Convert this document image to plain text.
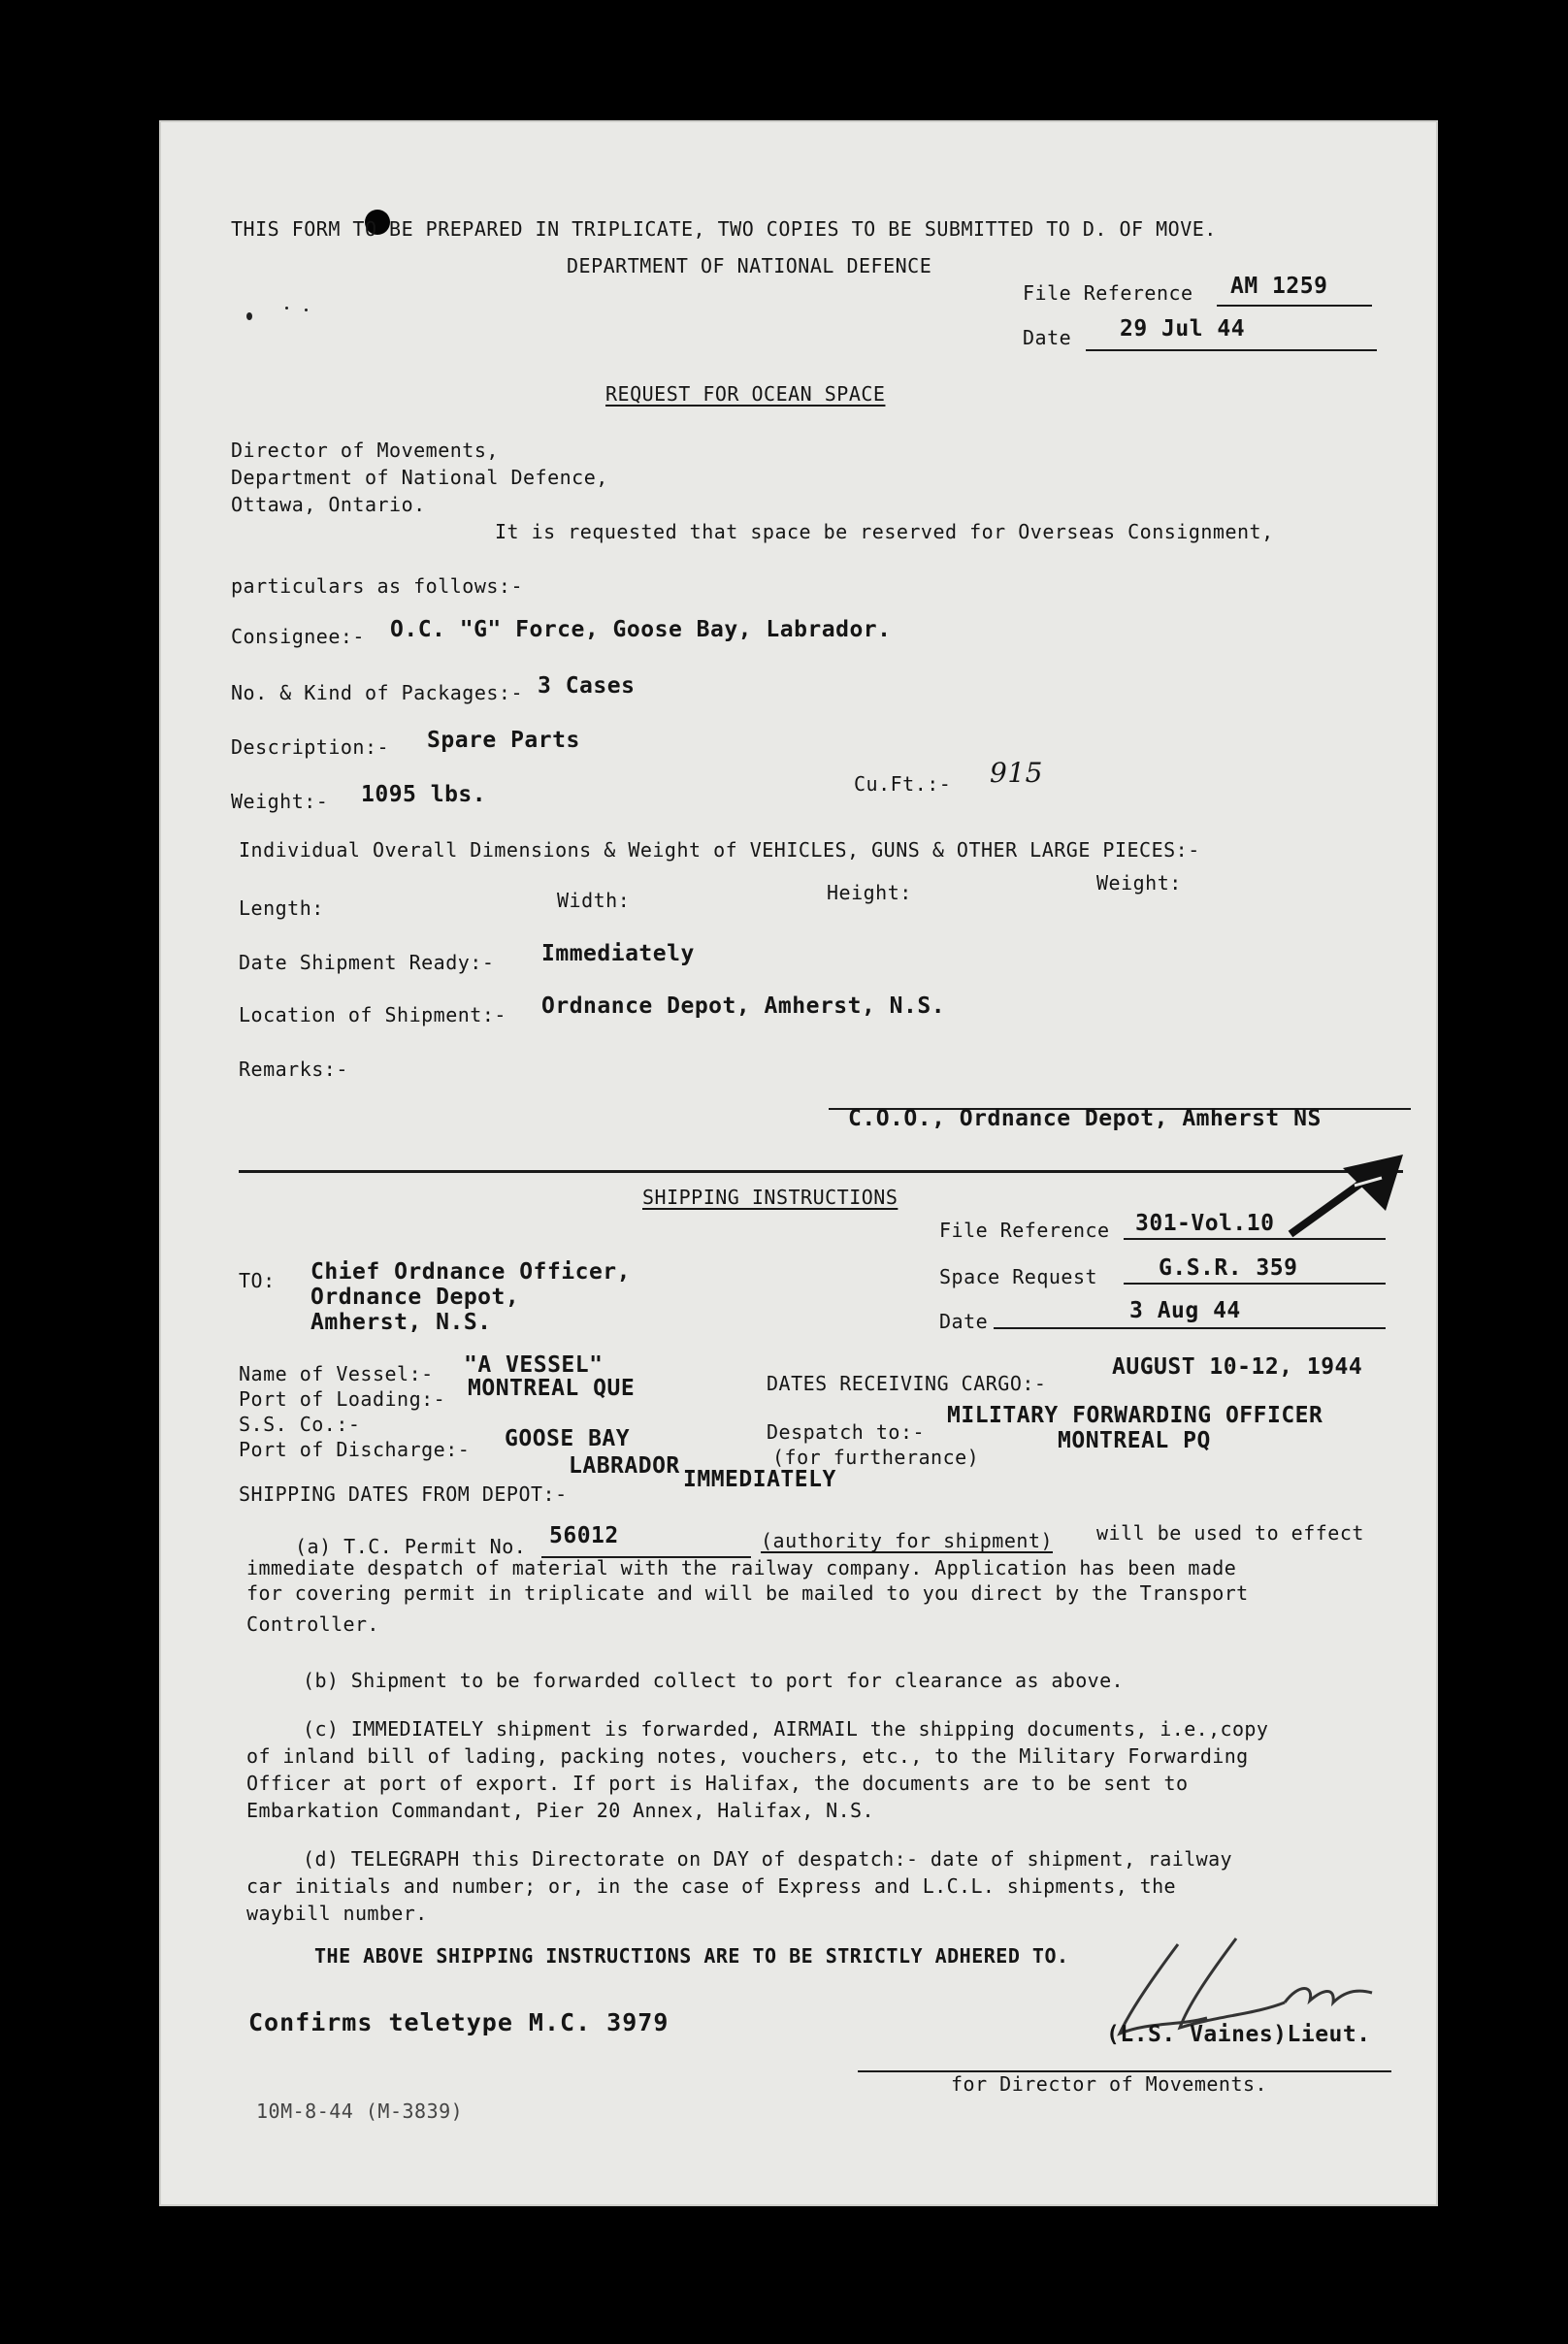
THIS FORM TO BE PREPARED IN TRIPLICATE, TWO COPIES TO BE SUBMITTED TO D. OF MOVE.
DEPARTMENT OF NATIONAL DEFENCE
File Reference AM 1259
Date 29 Jul 44
REQUEST FOR OCEAN SPACE
Director of Movements,
Department of National Defence,
Ottawa, Ontario.
It is requested that space be reserved for Overseas Consignment,
particulars as follows:-
Consignee:- O.C. "G" Force, Goose Bay, Labrador.
No. & Kind of Packages:- 3 Cases
Description:- Spare Parts
Weight:- 1095 lbs.	Cu.Ft.:- 915
Individual Overall Dimensions & Weight of VEHICLES, GUNS & OTHER LARGE PIECES:-
Length:	Width:	Height:	Weight:
Date Shipment Ready:- Immediately
Location of Shipment:- Ordnance Depot, Amherst, N.S.
Remarks:-
C.O.O., Ordnance Depot, Amherst NS
SHIPPING INSTRUCTIONS
File Reference 301-Vol.10
Space Request	G.S.R. 359
Date	3 Aug 44
TO: Chief Ordnance Officer,
Ordnance Depot,
Amherst, N.S.
Name of Vessel:- "A VESSEL"
Port of Loading:- MONTREAL QUE
S.S. Co.:-
Port of Discharge:- GOOSE BAY
LABRADOR
DATES RECEIVING CARGO:-
AUGUST 10-12, 1944
Despatch to:-
MILITARY FORWARDING OFFICER
MONTREAL PQ
(for furtherance)
SHIPPING DATES FROM DEPOT:-
IMMEDIATELY
(a) T.C. Permit No. 56012	(authority for shipment) will be used to effect
immediate despatch of material with the railway company. Application has been made
for covering permit in triplicate and will be mailed to you direct by the Transport
Controller.
(b) Shipment to be forwarded collect to port for clearance as above.
(c) IMMEDIATELY shipment is forwarded, AIRMAIL the shipping documents, i.e.,copy
of inland bill of lading, packing notes, vouchers, etc., to the Military Forwarding
Officer at port of export. If port is Halifax, the documents are to be sent to
Embarkation Commandant, Pier 20 Annex, Halifax, N.S.
(d) TELEGRAPH this Directorate on DAY of despatch:- date of shipment, railway
car initials and number; or, in the case of Express and L.C.L. shipments, the
waybill number.
THE ABOVE SHIPPING INSTRUCTIONS ARE TO BE STRICTLY ADHERED TO.
Confirms teletype M.C. 3979	(L.S. Vaines)Lieut.
for Director of Movements.
10M-8-44 (M-3839)
